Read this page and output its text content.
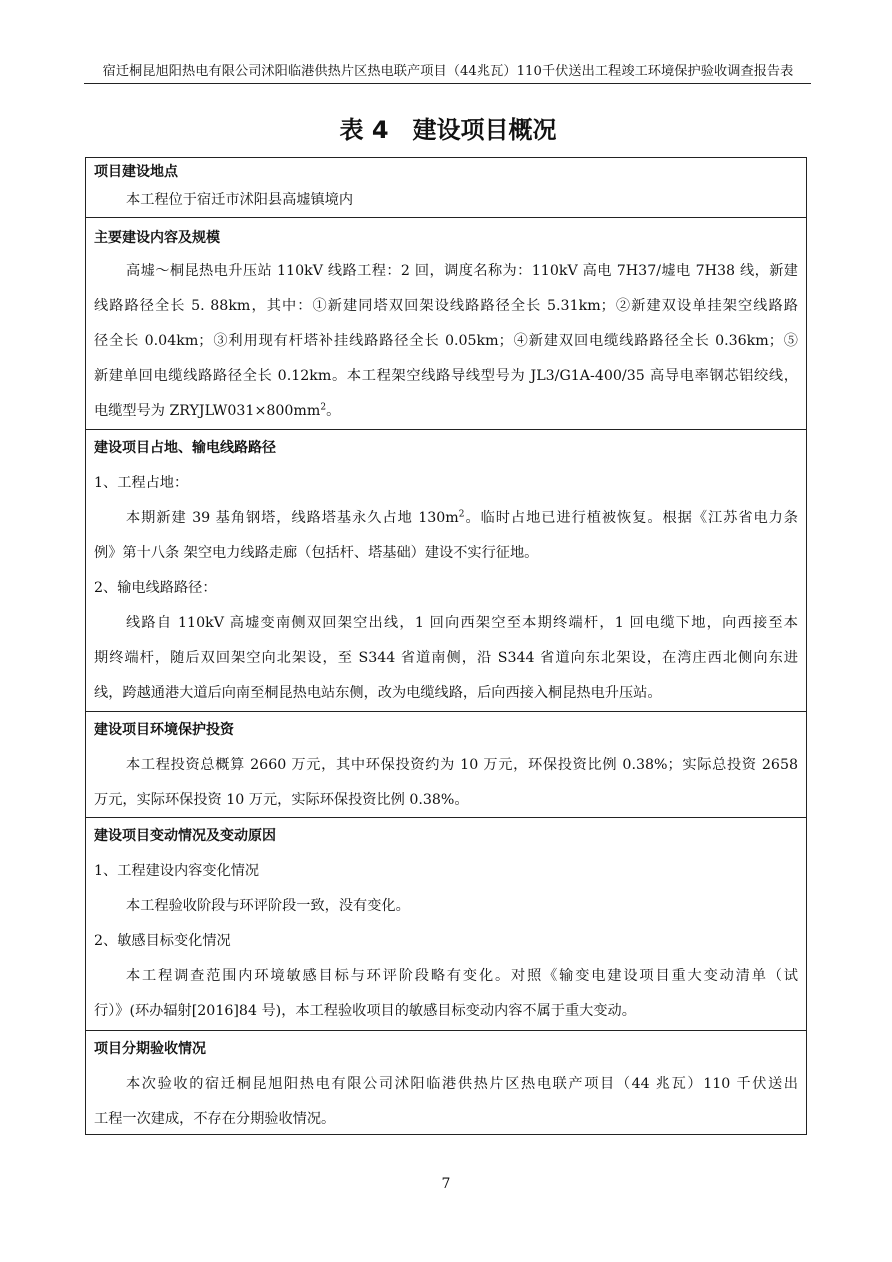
宿迁桐昆旭阳热电有限公司沭阳临港供热片区热电联产项目（44兆瓦）110千伏送出工程竣工环境保护验收调查报告表
表 4 建设项目概况
项目建设地点
本工程位于宿迁市沭阳县高墟镇境内
主要建设内容及规模
高墟～桐昆热电升压站 110kV 线路工程：2 回，调度名称为：110kV 高电 7H37/墟电 7H38 线，新建
线路路径全长 5. 88km，其中：①新建同塔双回架设线路路径全长 5.31km；②新建双设单挂架空线路路
径全长 0.04km；③利用现有杆塔补挂线路路径全长 0.05km；④新建双回电缆线路路径全长 0.36km；⑤
新建单回电缆线路路径全长 0.12km。本工程架空线路导线型号为 JL3/G1A-400/35 高导电率钢芯铝绞线，
电缆型号为 $ZRYJLW031\times 800mm^2$。
建设项目占地、输电线路路径
1、工程占地：
本期新建 39 基角钢塔，线路塔基永久占地 $130m^2$。临时占地已进行植被恢复。根据《江苏省电力条
例》第十八条 架空电力线路走廊（包括杆、塔基础）建设不实行征地。
2、输电线路路径：
线路自 110kV 高墟变南侧双回架空出线，1 回向西架空至本期终端杆，1 回电缆下地，向西接至本
期终端杆，随后双回架空向北架设，至 S344 省道南侧，沿 S344 省道向东北架设，在湾庄西北侧向东进
线，跨越通港大道后向南至桐昆热电站东侧，改为电缆线路，后向西接入桐昆热电升压站。
建设项目环境保护投资
本工程投资总概算 2660 万元，其中环保投资约为 10 万元，环保投资比例 0.38%；实际总投资 2658
万元，实际环保投资 10 万元，实际环保投资比例 0.38%。
建设项目变动情况及变动原因
1、工程建设内容变化情况
本工程验收阶段与环评阶段一致，没有变化。
2、敏感目标变化情况
本工程调查范围内环境敏感目标与环评阶段略有变化。对照《输变电建设项目重大变动清单（试
行）》(环办辐射[2016]84 号)，本工程验收项目的敏感目标变动内容不属于重大变动。
项目分期验收情况
本次验收的宿迁桐昆旭阳热电有限公司沭阳临港供热片区热电联产项目（44 兆瓦）110 千伏送出
工程一次建成，不存在分期验收情况。
7
